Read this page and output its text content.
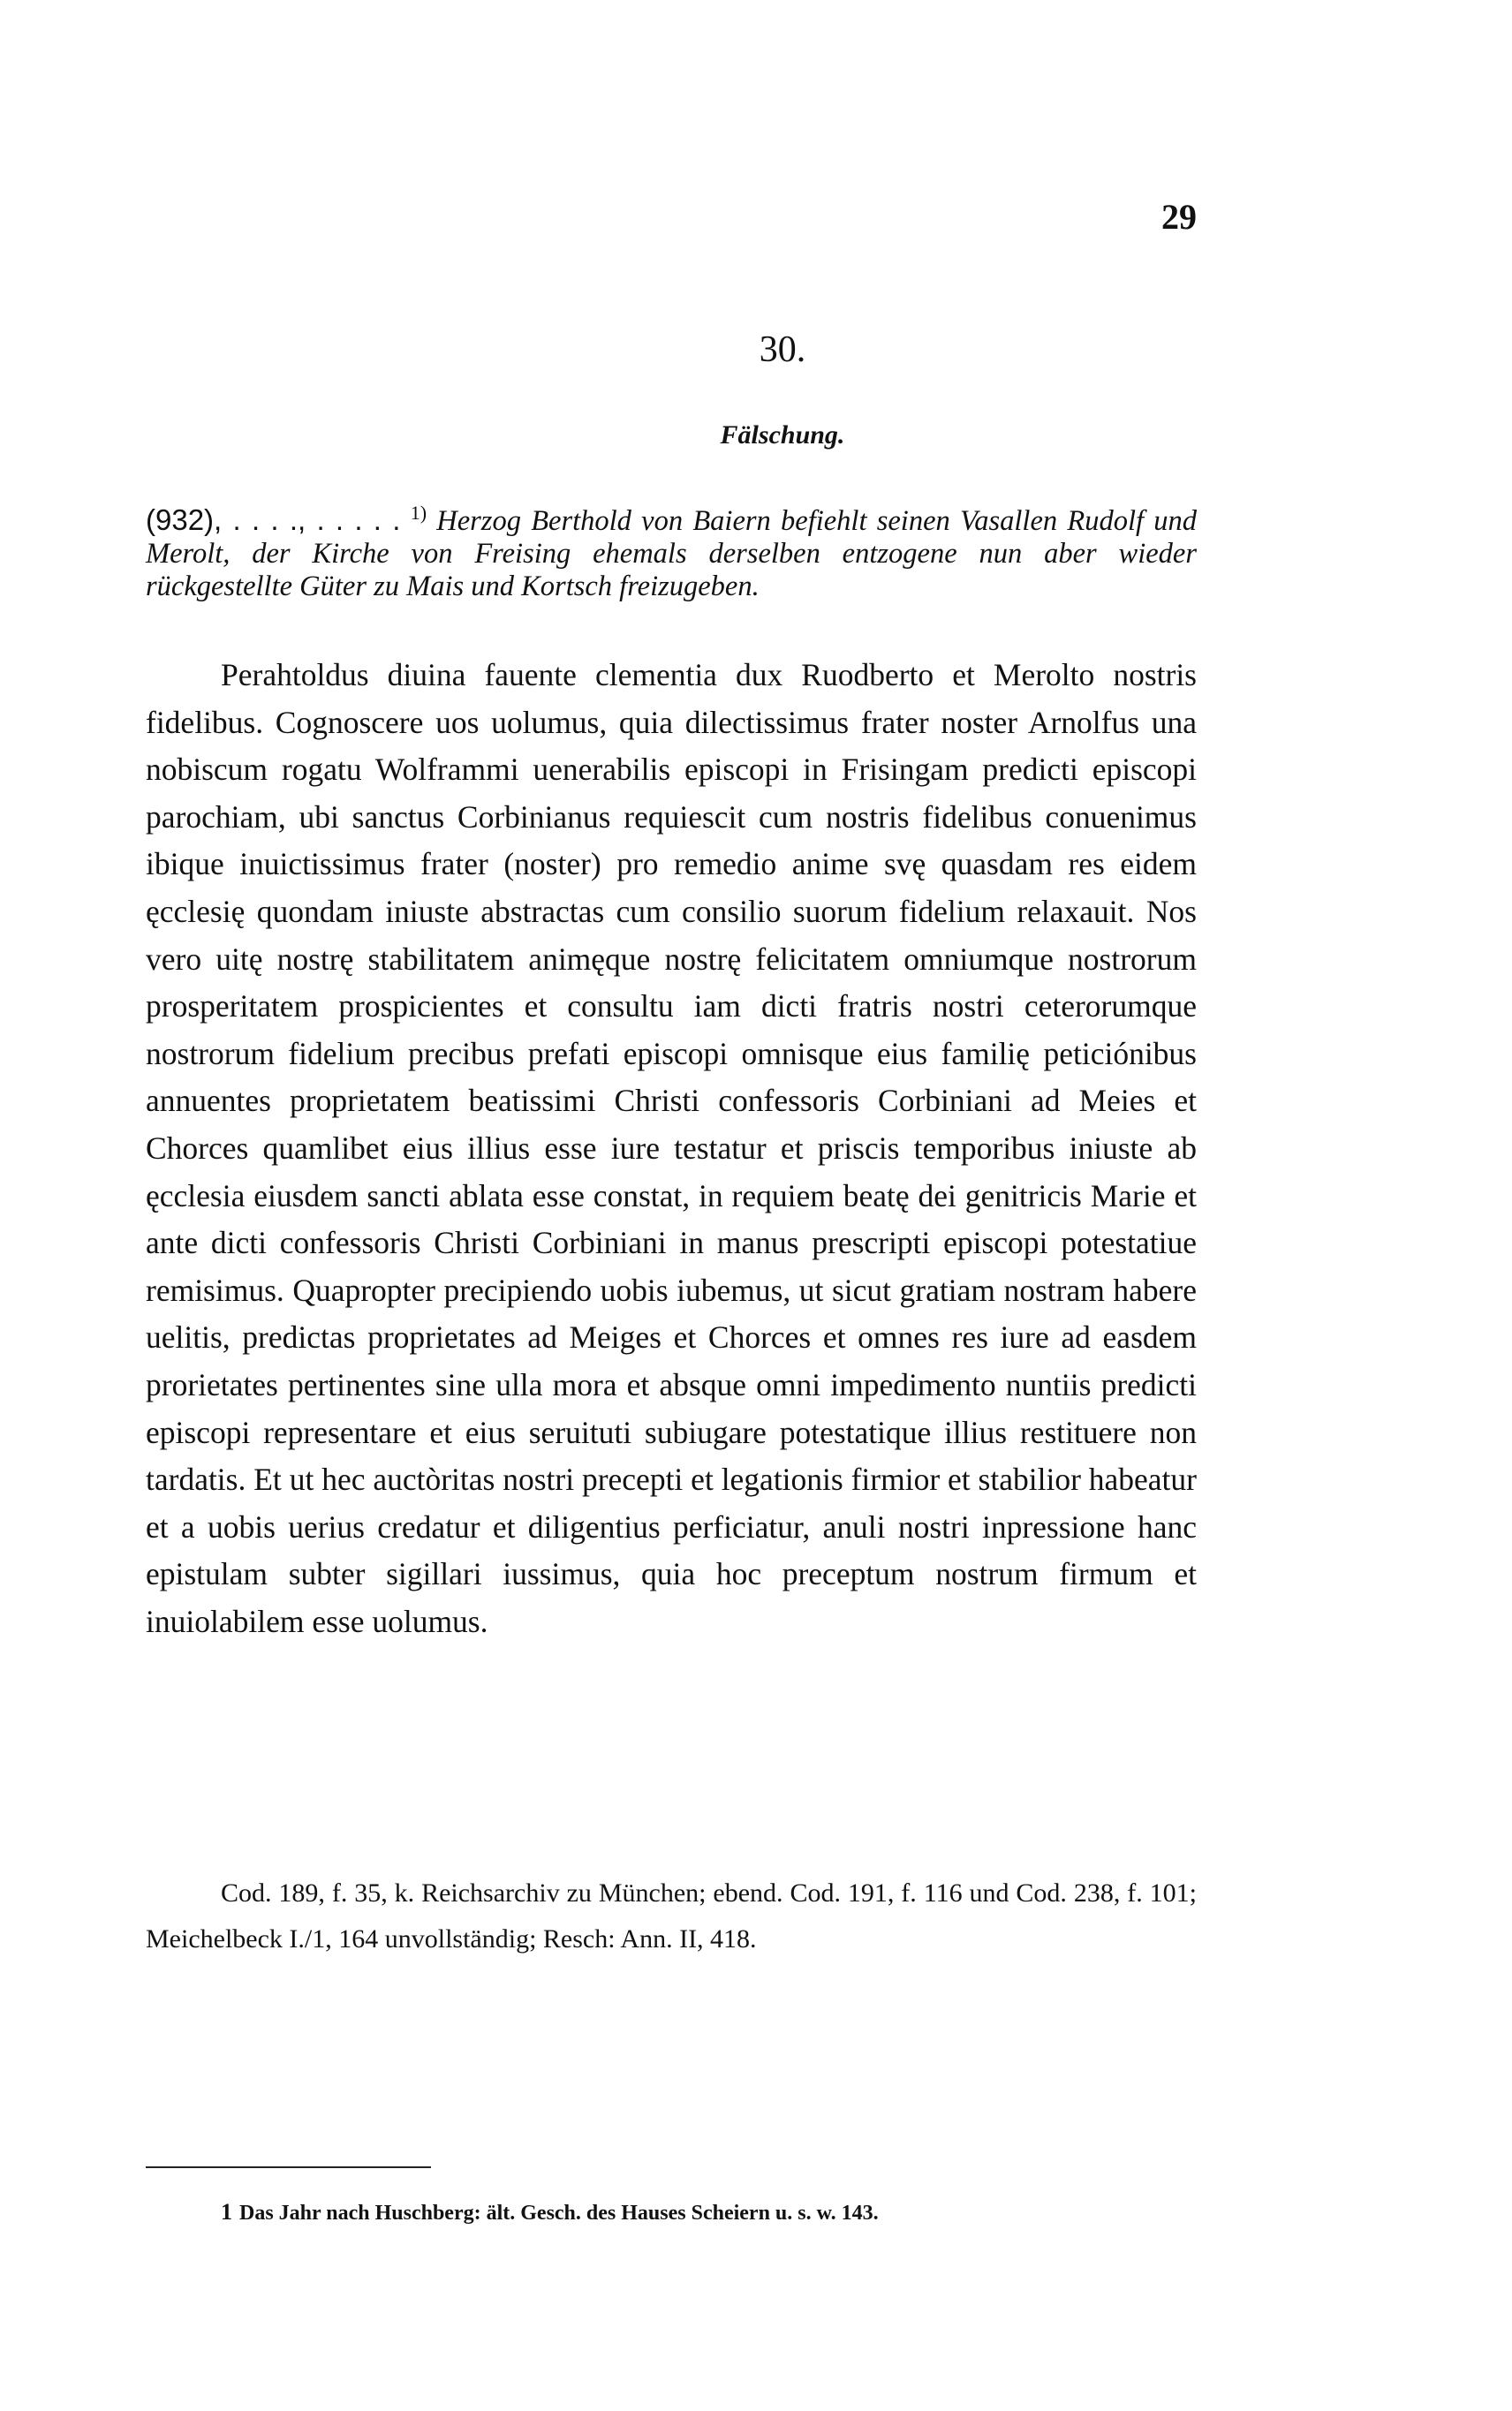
29
30.
Fälschung.
(932), . . . ., . . . . . $^{1)}$ Herzog Berthold von Baiern befiehlt seinen Vasallen Rudolf und Merolt, der Kirche von Freising ehemals derselben entzogene nun aber wieder rückgestellte Güter zu Mais und Kortsch freizugeben.

Perahtoldus diuina fauente clementia dux Ruodberto et Merolto nostris fidelibus. Cognoscere uos uolumus, quia dilectissimus frater noster Arnolfus una nobiscum rogatu Wolframmi uenerabilis episcopi in Frisingam predicti episcopi parochiam, ubi sanctus Corbinianus requiescit cum nostris fidelibus conuenimus ibique inuictissimus frater (noster) pro remedio anime svę quasdam res eidem ęcclesię quondam iniuste abstractas cum consilio suorum fidelium relaxauit. Nos vero uitę nostrę stabilitatem animęque nostrę felicitatem omniumque nostrorum prosperitatem prospicientes et consultu iam dicti fratris nostri ceterorumque nostrorum fidelium precibus prefati episcopi omnisque eius familię peticiónibus annuentes proprietatem beatissimi Christi confessoris Corbiniani ad Meies et Chorces quamlibet eius illius esse iure testatur et priscis temporibus iniuste ab ęcclesia eiusdem sancti ablata esse constat, in requiem beatę dei genitricis Marie et ante dicti confessoris Christi Corbiniani in manus prescripti episcopi potestatiue remisimus. Quapropter precipiendo uobis iubemus, ut sicut gratiam nostram habere uelitis, predictas proprietates ad Meiges et Chorces et omnes res iure ad easdem prorietates pertinentes sine ulla mora et absque omni impedimento nuntiis predicti episcopi representare et eius seruituti subiugare potestatique illius restituere non tardatis. Et ut hec auctòritas nostri precepti et legationis firmior et stabilior habeatur et a uobis uerius credatur et diligentius perficiatur, anuli nostri inpressione hanc epistulam subter sigillari iussimus, quia hoc preceptum nostrum firmum et inuiolabilem esse uolumus.

Cod. 189, f. 35, k. Reichsarchiv zu München; ebend. Cod. 191, f. 116 und Cod. 238, f. 101; Meichelbeck I./1, 164 unvollständig; Resch: Ann. II, 418.

1 Das Jahr nach Huschberg: ält. Gesch. des Hauses Scheiern u. s. w. 143.
